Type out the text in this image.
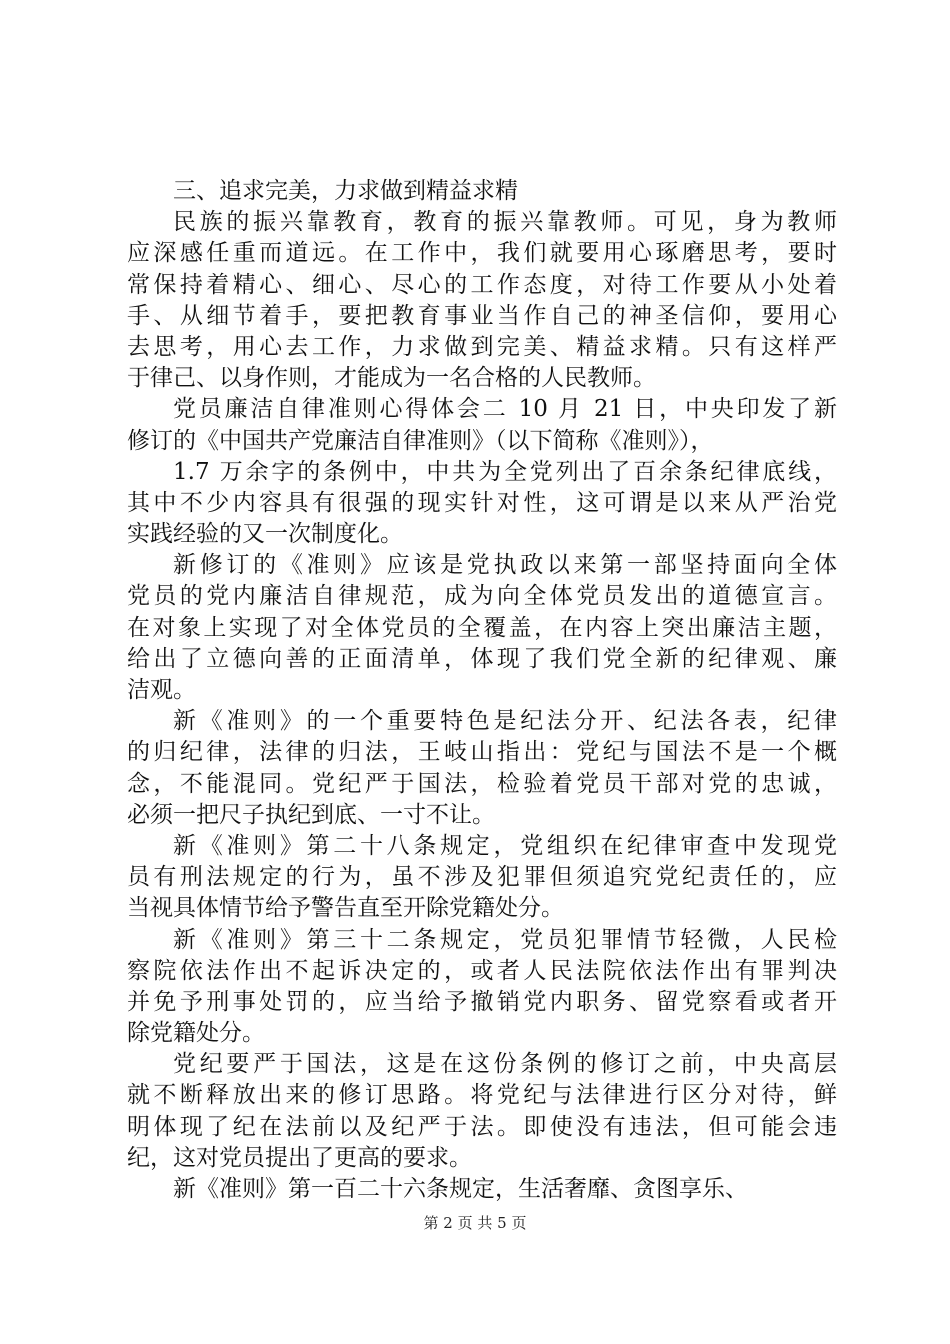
三、追求完美，力求做到精益求精
民族的振兴靠教育，教育的振兴靠教师。可见，身为教师
应深感任重而道远。在工作中，我们就要用心琢磨思考，要时
常保持着精心、细心、尽心的工作态度，对待工作要从小处着
手、从细节着手，要把教育事业当作自己的神圣信仰，要用心
去思考，用心去工作，力求做到完美、精益求精。只有这样严
于律己、以身作则，才能成为一名合格的人民教师。
党员廉洁自律准则心得体会二 10 月 21 日，中央印发了新
修订的《中国共产党廉洁自律准则》（以下简称《准则》），
1.7 万余字的条例中，中共为全党列出了百余条纪律底线，
其中不少内容具有很强的现实针对性，这可谓是以来从严治党
实践经验的又一次制度化。
新修订的《准则》应该是党执政以来第一部坚持面向全体
党员的党内廉洁自律规范，成为向全体党员发出的道德宣言。
在对象上实现了对全体党员的全覆盖，在内容上突出廉洁主题，
给出了立德向善的正面清单，体现了我们党全新的纪律观、廉
洁观。
新《准则》的一个重要特色是纪法分开、纪法各表，纪律
的归纪律，法律的归法，王岐山指出：党纪与国法不是一个概
念，不能混同。党纪严于国法，检验着党员干部对党的忠诚，
必须一把尺子执纪到底、一寸不让。
新《准则》第二十八条规定，党组织在纪律审查中发现党
员有刑法规定的行为，虽不涉及犯罪但须追究党纪责任的，应
当视具体情节给予警告直至开除党籍处分。
新《准则》第三十二条规定，党员犯罪情节轻微，人民检
察院依法作出不起诉决定的，或者人民法院依法作出有罪判决
并免予刑事处罚的，应当给予撤销党内职务、留党察看或者开
除党籍处分。
党纪要严于国法，这是在这份条例的修订之前，中央高层
就不断释放出来的修订思路。将党纪与法律进行区分对待，鲜
明体现了纪在法前以及纪严于法。即使没有违法，但可能会违
纪，这对党员提出了更高的要求。
新《准则》第一百二十六条规定，生活奢靡、贪图享乐、
第 2 页 共 5 页
